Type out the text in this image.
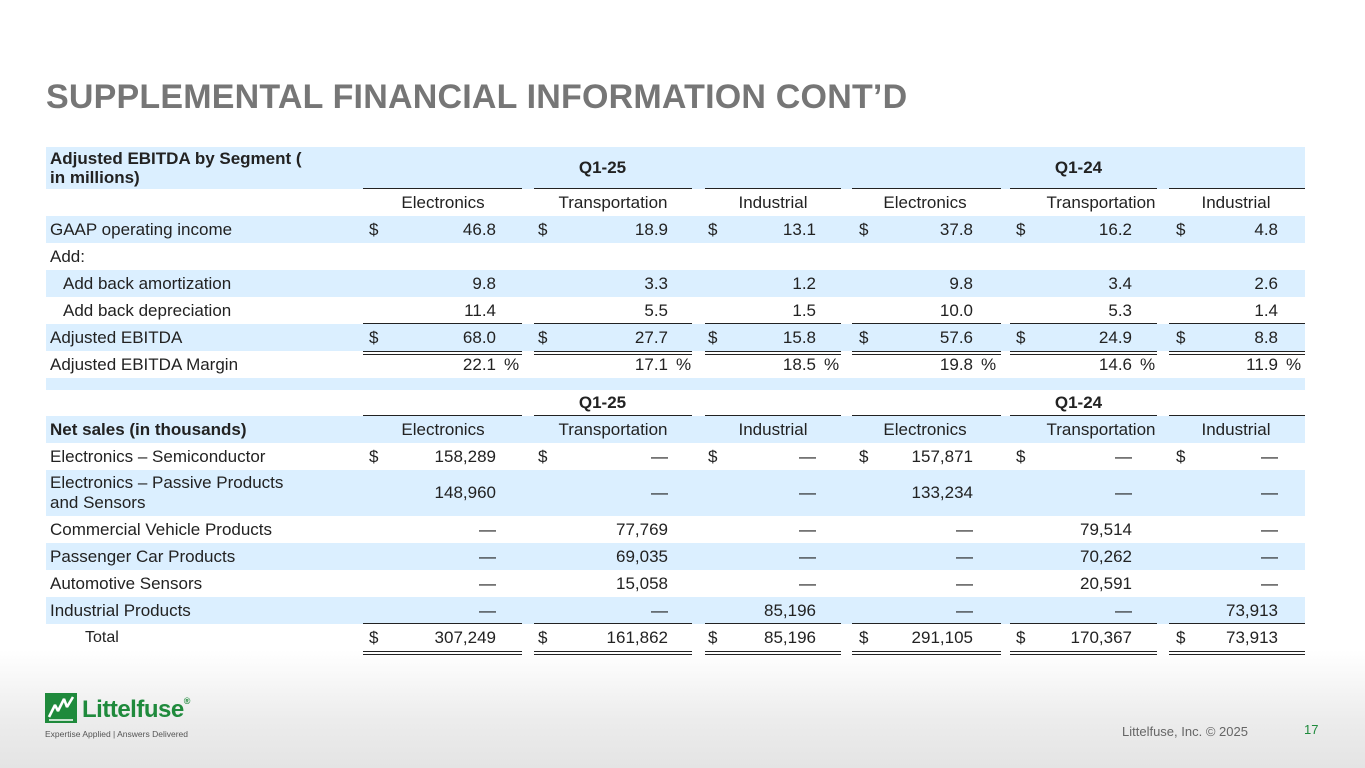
SUPPLEMENTAL FINANCIAL INFORMATION CONT’D
Adjusted EBITDA by Segment (
in millions)
Q1-25	Q1-24
Electronics	Transportation	Industrial	Electronics	Transportation	Industrial
GAAP operating income	$	46.8 $	18.9 $	13.1	$	37.8	$	16.2	$	4.8
Add:
Add back amortization	9.8	3.3	1.2	9.8	3.4	2.6
Add back depreciation	11.4	5.5	1.5	10.0	5.3	1.4
Adjusted EBITDA	$	68.0 $	27.7 $	15.8	$	57.6	$	24.9	$	8.8
Adjusted EBITDA Margin	22.1 %	17.1 %	18.5 %	19.8 %	14.6 %	11.9 %
Q1-25	Q1-24
Net sales (in thousands)	Electronics	Transportation	Industrial	Electronics	Transportation	Industrial
Electronics – Semiconductor	$	158,289 $	— $	—	$	157,871	$	—	$	—
Electronics – Passive Products
and Sensors
148,960	—	—	133,234	—	—
Commercial Vehicle Products	—	77,769	—	—	79,514	—
Passenger Car Products	—	69,035	—	—	70,262	—
Automotive Sensors	—	15,058	—	—	20,591	—
Industrial Products	—	—	85,196	—	—	73,913
Total	$	307,249 $	161,862 $	85,196	$	291,105	$	170,367	$	73,913
Littelfuse®
Expertise Applied | Answers Delivered	Littelfuse, Inc. © 2025	17
